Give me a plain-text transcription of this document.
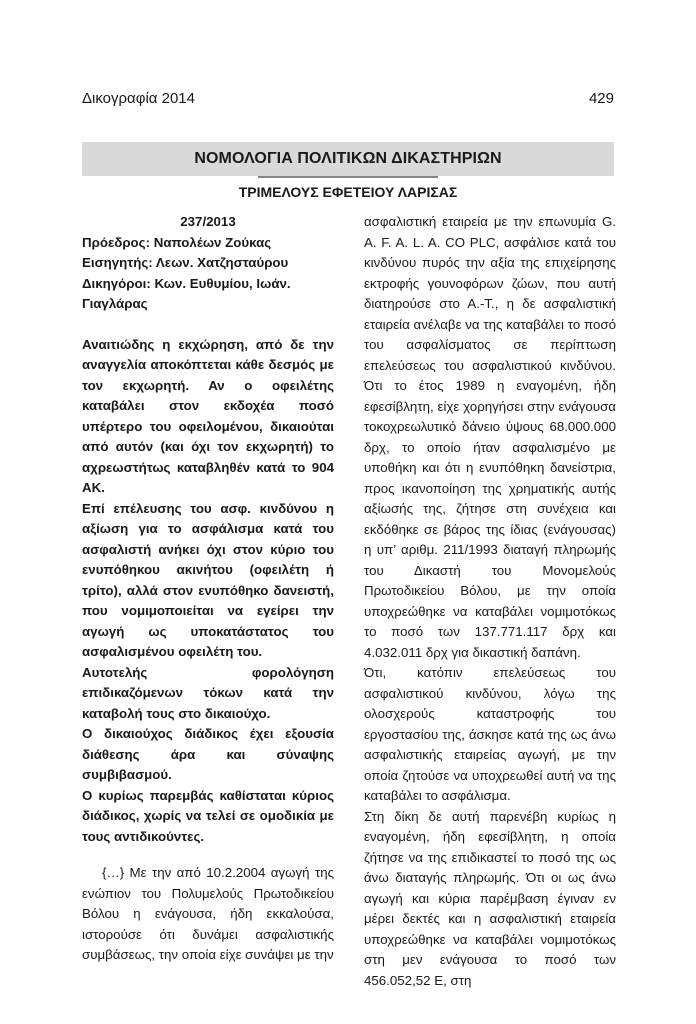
Δικογραφία 2014	429
ΝΟΜΟΛΟΓΙΑ ΠΟΛΙΤΙΚΩΝ ΔΙΚΑΣΤΗΡΙΩΝ
ΤΡΙΜΕΛΟΥΣ ΕΦΕΤΕΙΟΥ ΛΑΡΙΣΑΣ
237/2013
Πρόεδρος: Ναπολέων Ζούκας
Εισηγητής: Λεων. Χατζησταύρου
Δικηγόροι: Κων. Ευθυμίου, Ιωάν. Γιαγλάρας

Αναιτιώδης η εκχώρηση, από δε την αναγγελία αποκόπτεται κάθε δεσμός με τον εκχωρητή. Αν ο οφειλέτης καταβάλει στον εκδοχέα ποσό υπέρτερο του οφειλομένου, δικαιούται από αυτόν (και όχι τον εκχωρητή) το αχρεωστήτως καταβληθέν κατά το 904 ΑΚ.

Επί επέλευσης του ασφ. κινδύνου η αξίωση για το ασφάλισμα κατά του ασφαλιστή ανήκει όχι στον κύριο του ενυπόθηκου ακινήτου (οφειλέτη ή τρίτο), αλλά στον ενυπόθηκο δανειστή, που νομιμοποιείται να εγείρει την αγωγή ως υποκατάστατος του ασφαλισμένου οφειλέτη του.

Αυτοτελής φορολόγηση επιδικαζόμενων τόκων κατά την καταβολή τους στο δικαιούχο.

Ο δικαιούχος διάδικος έχει εξουσία διάθεσης άρα και σύναψης συμβιβασμού.

Ο κυρίως παρεμβάς καθίσταται κύριος διάδικος, χωρίς να τελεί σε ομοδικία με τους αντιδικούντες.

{…} Με την από 10.2.2004 αγωγή της ενώπιον του Πολυμελούς Πρωτοδικείου Βόλου η ενάγουσα, ήδη εκκαλούσα, ιστορούσε ότι δυνάμει ασφαλιστικής συμβάσεως, την οποία είχε συνάψει με την

ασφαλιστική εταιρεία με την επωνυμία G. A. F. A. L. A. CO PLC, ασφάλισε κατά του κινδύνου πυρός την αξία της επιχείρησης εκτροφής γουνοφόρων ζώων, που αυτή διατηρούσε στο Α.-Τ., η δε ασφαλιστική εταιρεία ανέλαβε να της καταβάλει το ποσό του ασφαλίσματος σε περίπτωση επελεύσεως του ασφαλιστικού κινδύνου. Ότι το έτος 1989 η εναγομένη, ήδη εφεσίβλητη, είχε χορηγήσει στην ενάγουσα τοκοχρεωλυτικό δάνειο ύψους 68.000.000 δρχ, το οποίο ήταν ασφαλισμένο με υποθήκη και ότι η ενυπόθηκη δανείστρια, προς ικανοποίηση της χρηματικής αυτής αξίωσής της, ζήτησε στη συνέχεια και εκδόθηκε σε βάρος της ίδιας (ενάγουσας) η υπ’ αριθμ. 211/1993 διαταγή πληρωμής του Δικαστή του Μονομελούς Πρωτοδικείου Βόλου, με την οποία υποχρεώθηκε να καταβάλει νομιμοτόκως το ποσό των 137.771.117 δρχ και 4.032.011 δρχ για δικαστική δαπάνη.

Ότι, κατόπιν επελεύσεως του ασφαλιστικού κινδύνου, λόγω της ολοσχερούς καταστροφής του εργοστασίου της, άσκησε κατά της ως άνω ασφαλιστικής εταιρείας αγωγή, με την οποία ζητούσε να υποχρεωθεί αυτή να της καταβάλει το ασφάλισμα.

Στη δίκη δε αυτή παρενέβη κυρίως η εναγομένη, ήδη εφεσίβλητη, η οποία ζήτησε να της επιδικαστεί το ποσό της ως άνω διαταγής πληρωμής. Ότι οι ως άνω αγωγή και κύρια παρέμβαση έγιναν εν μέρει δεκτές και η ασφαλιστική εταιρεία υποχρεώθηκε να καταβάλει νομιμοτόκως στη μεν ενάγουσα το ποσό των 456.052,52 Ε, στη
